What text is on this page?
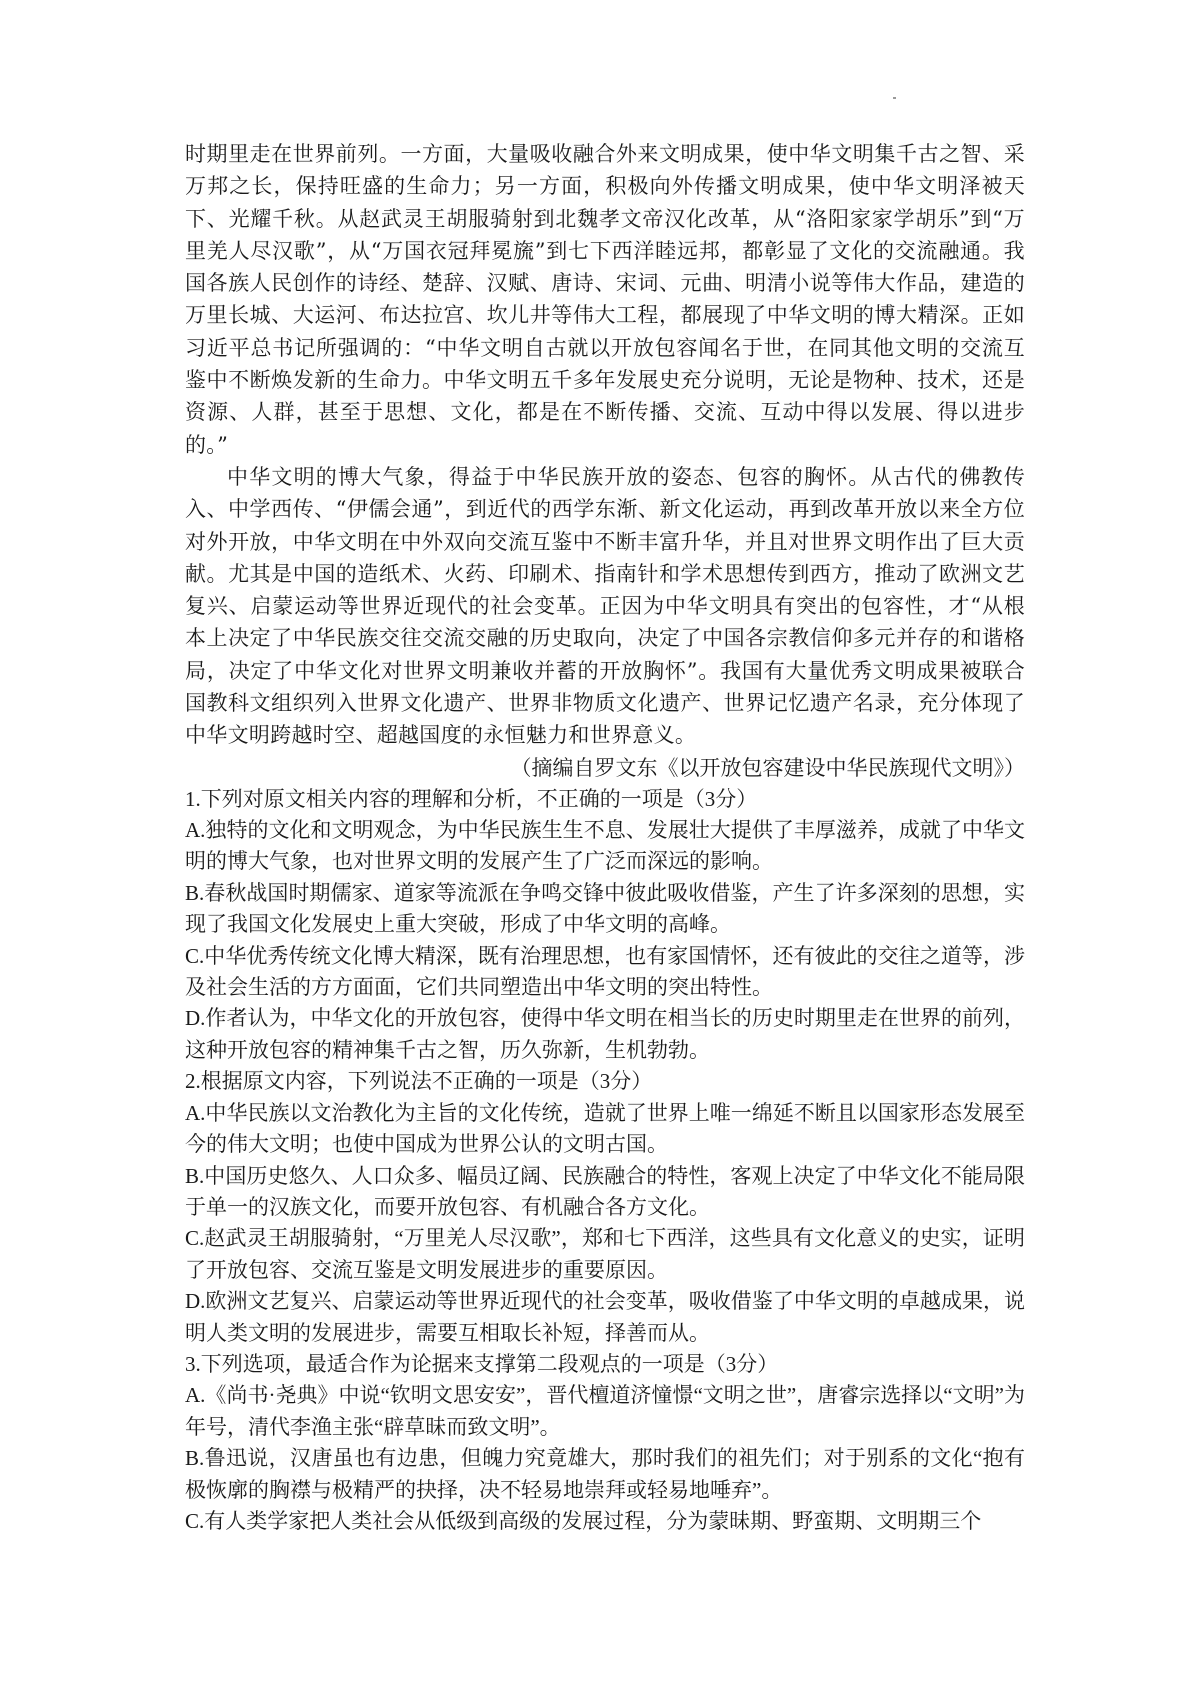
时期里走在世界前列。一方面，大量吸收融合外来文明成果，使中华文明集千古之智、采万邦之长，保持旺盛的生命力；另一方面，积极向外传播文明成果，使中华文明泽被天下、光耀千秋。从赵武灵王胡服骑射到北魏孝文帝汉化改革，从“洛阳家家学胡乐”到“万里羌人尽汉歌”，从“万国衣冠拜冕旒”到七下西洋睦远邦，都彰显了文化的交流融通。我国各族人民创作的诗经、楚辞、汉赋、唐诗、宋词、元曲、明清小说等伟大作品，建造的万里长城、大运河、布达拉宫、坎儿井等伟大工程，都展现了中华文明的博大精深。正如习近平总书记所强调的：“中华文明自古就以开放包容闻名于世，在同其他文明的交流互鉴中不断焕发新的生命力。中华文明五千多年发展史充分说明，无论是物种、技术，还是资源、人群，甚至于思想、文化，都是在不断传播、交流、互动中得以发展、得以进步的。”

中华文明的博大气象，得益于中华民族开放的姿态、包容的胸怀。从古代的佛教传入、中学西传、“伊儒会通”，到近代的西学东渐、新文化运动，再到改革开放以来全方位对外开放，中华文明在中外双向交流互鉴中不断丰富升华，并且对世界文明作出了巨大贡献。尤其是中国的造纸术、火药、印刷术、指南针和学术思想传到西方，推动了欧洲文艺复兴、启蒙运动等世界近现代的社会变革。正因为中华文明具有突出的包容性，才“从根本上决定了中华民族交往交流交融的历史取向，决定了中国各宗教信仰多元并存的和谐格局，决定了中华文化对世界文明兼收并蓄的开放胸怀”。我国有大量优秀文明成果被联合国教科文组织列入世界文化遗产、世界非物质文化遗产、世界记忆遗产名录，充分体现了中华文明跨越时空、超越国度的永恒魅力和世界意义。

（摘编自罗文东《以开放包容建设中华民族现代文明》）

1.下列对原文相关内容的理解和分析，不正确的一项是（3分）

A.独特的文化和文明观念，为中华民族生生不息、发展壮大提供了丰厚滋养，成就了中华文明的博大气象，也对世界文明的发展产生了广泛而深远的影响。

B.春秋战国时期儒家、道家等流派在争鸣交锋中彼此吸收借鉴，产生了许多深刻的思想，实现了我国文化发展史上重大突破，形成了中华文明的高峰。

C.中华优秀传统文化博大精深，既有治理思想，也有家国情怀，还有彼此的交往之道等，涉及社会生活的方方面面，它们共同塑造出中华文明的突出特性。

D.作者认为，中华文化的开放包容，使得中华文明在相当长的历史时期里走在世界的前列，这种开放包容的精神集千古之智，历久弥新，生机勃勃。

2.根据原文内容，下列说法不正确的一项是（3分）

A.中华民族以文治教化为主旨的文化传统，造就了世界上唯一绵延不断且以国家形态发展至今的伟大文明；也使中国成为世界公认的文明古国。

B.中国历史悠久、人口众多、幅员辽阔、民族融合的特性，客观上决定了中华文化不能局限于单一的汉族文化，而要开放包容、有机融合各方文化。

C.赵武灵王胡服骑射，“万里羌人尽汉歌”，郑和七下西洋，这些具有文化意义的史实，证明了开放包容、交流互鉴是文明发展进步的重要原因。

D.欧洲文艺复兴、启蒙运动等世界近现代的社会变革，吸收借鉴了中华文明的卓越成果，说明人类文明的发展进步，需要互相取长补短，择善而从。

3.下列选项，最适合作为论据来支撑第二段观点的一项是（3分）

A.《尚书·尧典》中说“钦明文思安安”，晋代檀道济憧憬“文明之世”，唐睿宗选择以“文明”为年号，清代李渔主张“辟草昧而致文明”。

B.鲁迅说，汉唐虽也有边患，但魄力究竟雄大，那时我们的祖先们；对于别系的文化“抱有极恢廓的胸襟与极精严的抉择，决不轻易地崇拜或轻易地唾弃”。

C.有人类学家把人类社会从低级到高级的发展过程，分为蒙昧期、野蛮期、文明期三个
